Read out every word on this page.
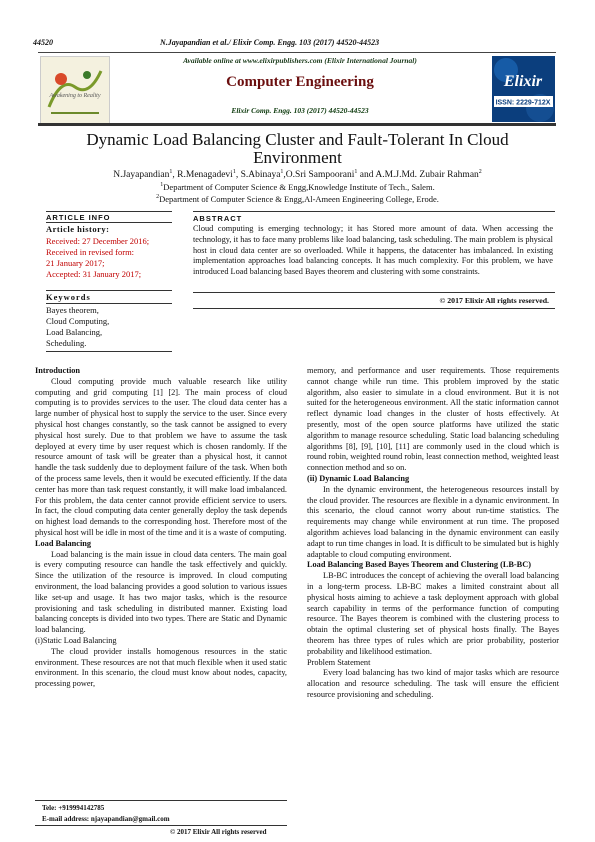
44520	N.Jayapandian et al./ Elixir Comp. Engg. 103 (2017) 44520-44523
Awakening to Reality
Available online at www.elixirpublishers.com (Elixir International Journal)
Computer Engineering
Elixir Comp. Engg. 103 (2017) 44520-44523
Elixir
ISSN: 2229-712X
Dynamic Load Balancing Cluster and Fault-Tolerant In Cloud Environment
N.Jayapandian$^1$, R.Menagadevi$^1$, S.Abinaya$^1$,O.Sri Sampoorani$^1$ and A.M.J.Md. Zubair Rahman$^2$
$^1$Department of Computer Science & Engg,Knowledge Institute of Tech., Salem.
$^2$Department of Computer Science & Engg,Al-Ameen Engineering College, Erode.
ARTICLE INFO
Article history:
Received: 27 December 2016;
Received in revised form:
21 January 2017;
Accepted: 31 January 2017;
Keywords
Bayes theorem,
Cloud Computing,
Load Balancing,
Scheduling.
ABSTRACT
Cloud computing is emerging technology; it has Stored more amount of data. When accessing the technology, it has to face many problems like load balancing, task scheduling. The main problem is physical host in cloud data center are so overloaded. While it happens, the datacenter has imbalanced. In existing implementation approaches load balancing concepts. It has much complexity. For this problem, we have introduced Load balancing based Bayes theorem and clustering with some constraints.
© 2017 Elixir All rights reserved.

Introduction

Cloud computing provide much valuable research like utility computing and grid computing [1] [2]. The main process of cloud computing is to provides services to the user. The cloud data center has a large number of physical host to supply the service to the user. Since every physical host changes constantly, so the task cannot be assigned to every physical host surely. Due to that problem we have to assume the task deployed at every time by user request which is chosen randomly. If the resource amount of task will be greater than a physical host, it cannot handle the task suddenly due to deployment failure of the task. When both of the process same levels, then it would be executed efficiently. If the data center has more than task request constantly, it will make load imbalanced. For this problem, the data center cannot provide efficient service to users. In fact, the cloud computing data center generally deploy the task depends on highest load demands to the corresponding host. Therefore most of the physical host will be idle in most of the time and it is a waste of computing.

Load Balancing

Load balancing is the main issue in cloud data centers. The main goal is every computing resource can handle the task effectively and quickly. Since the utilization of the resource is improved. In cloud computing environment, the load balancing provides a good solution to various issues like set-up and usage. It has two major tasks, which is the resource provisioning and task scheduling in distributed manner. Existing load balancing concepts is divided into two types. There are Static and Dynamic load balancing.

(i)Static Load Balancing

The cloud provider installs homogenous resources in the static environment. These resources are not that much flexible when it used static environment. In this scenario, the cloud must know about nodes, capacity, processing power,

memory, and performance and user requirements. Those requirements cannot change while run time. This problem improved by the static algorithm, also easier to simulate in a cloud environment. But it is not suited for the heterogeneous environment. All the static information cannot reflect dynamic load changes in the cluster of hosts effectively. At presently, most of the open source platforms have utilized the static algorithm to manage resource scheduling. Static load balancing scheduling algorithms [8], [9], [10], [11] are commonly used in the cloud which is round robin, weighted round robin, least connection method, weighted least connection method and so on.

(ii) Dynamic Load Balancing

In the dynamic environment, the heterogeneous resources install by the cloud provider. The resources are flexible in a dynamic environment. In this scenario, the cloud cannot worry about run-time statistics. The requirements may change while environment at run time. The proposed algorithm achieves load balancing in the dynamic environment can easily adapt to run time changes in load. It is difficult to be simulated but is highly adaptable to cloud computing environment.

Load Balancing Based Bayes Theorem and Clustering (LB-BC)

LB-BC introduces the concept of achieving the overall load balancing in a long-term process. LB-BC makes a limited constraint about all physical hosts aiming to achieve a task deployment approach with global search capability in terms of the performance function of computing resource. The Bayes theorem is combined with the clustering process to obtain the optimal clustering set of physical hosts finally. The Bayes theorem has three types of rules which are prior probability, posterior probability and likelihood estimation.

Problem Statement

Every load balancing has two kind of major tasks which are resource allocation and resource scheduling. The task will ensure the efficient resource provisioning and scheduling.

Tele: +919994142785
E-mail address: njayapandian@gmail.com
© 2017 Elixir All rights reserved
